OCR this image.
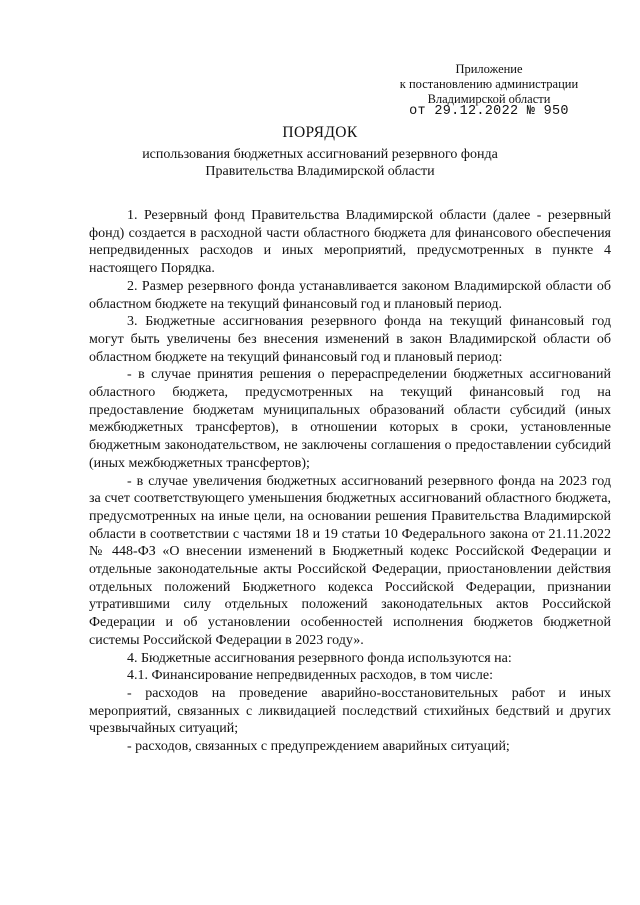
Приложение
к постановлению администрации
Владимирской области
от 29.12.2022 № 950
ПОРЯДОК
использования бюджетных ассигнований резервного фонда
Правительства Владимирской области

1. Резервный фонд Правительства Владимирской области (далее - резервный фонд) создается в расходной части областного бюджета для финансового обеспечения непредвиденных расходов и иных мероприятий, предусмотренных в пункте 4 настоящего Порядка.

2. Размер резервного фонда устанавливается законом Владимирской области об областном бюджете на текущий финансовый год и плановый период.

3. Бюджетные ассигнования резервного фонда на текущий финансовый год могут быть увеличены без внесения изменений в закон Владимирской области об областном бюджете на текущий финансовый год и плановый период:

- в случае принятия решения о перераспределении бюджетных ассигнований областного бюджета, предусмотренных на текущий финансовый год на предоставление бюджетам муниципальных образований области субсидий (иных межбюджетных трансфертов), в отношении которых в сроки, установленные бюджетным законодательством, не заключены соглашения о предоставлении субсидий (иных межбюджетных трансфертов);

- в случае увеличения бюджетных ассигнований резервного фонда на 2023 год за счет соответствующего уменьшения бюджетных ассигнований областного бюджета, предусмотренных на иные цели, на основании решения Правительства Владимирской области в соответствии с частями 18 и 19 статьи 10 Федерального закона от 21.11.2022 № 448-ФЗ «О внесении изменений в Бюджетный кодекс Российской Федерации и отдельные законодательные акты Российской Федерации, приостановлении действия отдельных положений Бюджетного кодекса Российской Федерации, признании утратившими силу отдельных положений законодательных актов Российской Федерации и об установлении особенностей исполнения бюджетов бюджетной системы Российской Федерации в 2023 году».

4. Бюджетные ассигнования резервного фонда используются на:

4.1. Финансирование непредвиденных расходов, в том числе:

- расходов на проведение аварийно-восстановительных работ и иных мероприятий, связанных с ликвидацией последствий стихийных бедствий и других чрезвычайных ситуаций;

- расходов, связанных с предупреждением аварийных ситуаций;
